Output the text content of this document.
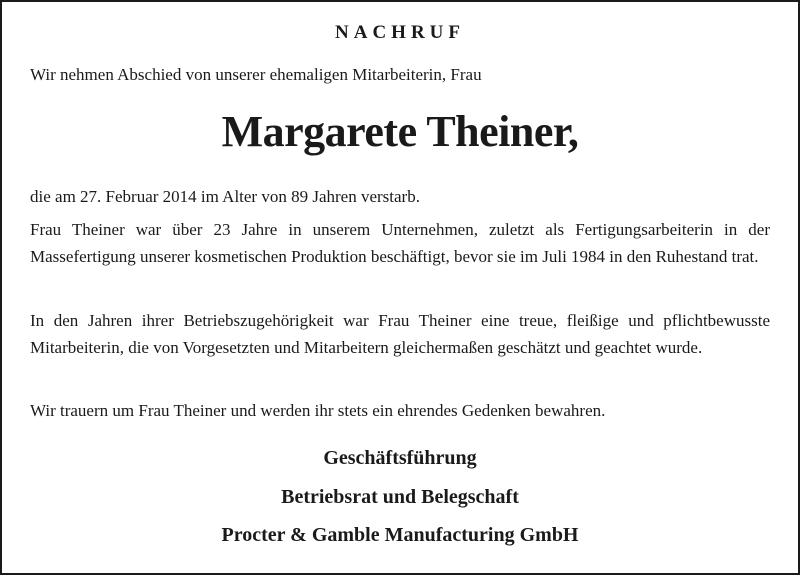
NACHRUF
Wir nehmen Abschied von unserer ehemaligen Mitarbeiterin, Frau
Margarete Theiner,

die am 27. Februar 2014 im Alter von 89 Jahren verstarb.

Frau Theiner war über 23 Jahre in unserem Unternehmen, zuletzt als Fertigungsarbeiterin in der Massefertigung unserer kosmetischen Produktion beschäftigt, bevor sie im Juli 1984 in den Ruhestand trat.

In den Jahren ihrer Betriebszugehörigkeit war Frau Theiner eine treue, fleißige und pflichtbewusste Mitarbeiterin, die von Vorgesetzten und Mitarbeitern gleichermaßen geschätzt und geachtet wurde.

Wir trauern um Frau Theiner und werden ihr stets ein ehrendes Gedenken bewahren.

Geschäftsführung
Betriebsrat und Belegschaft
Procter & Gamble Manufacturing GmbH
